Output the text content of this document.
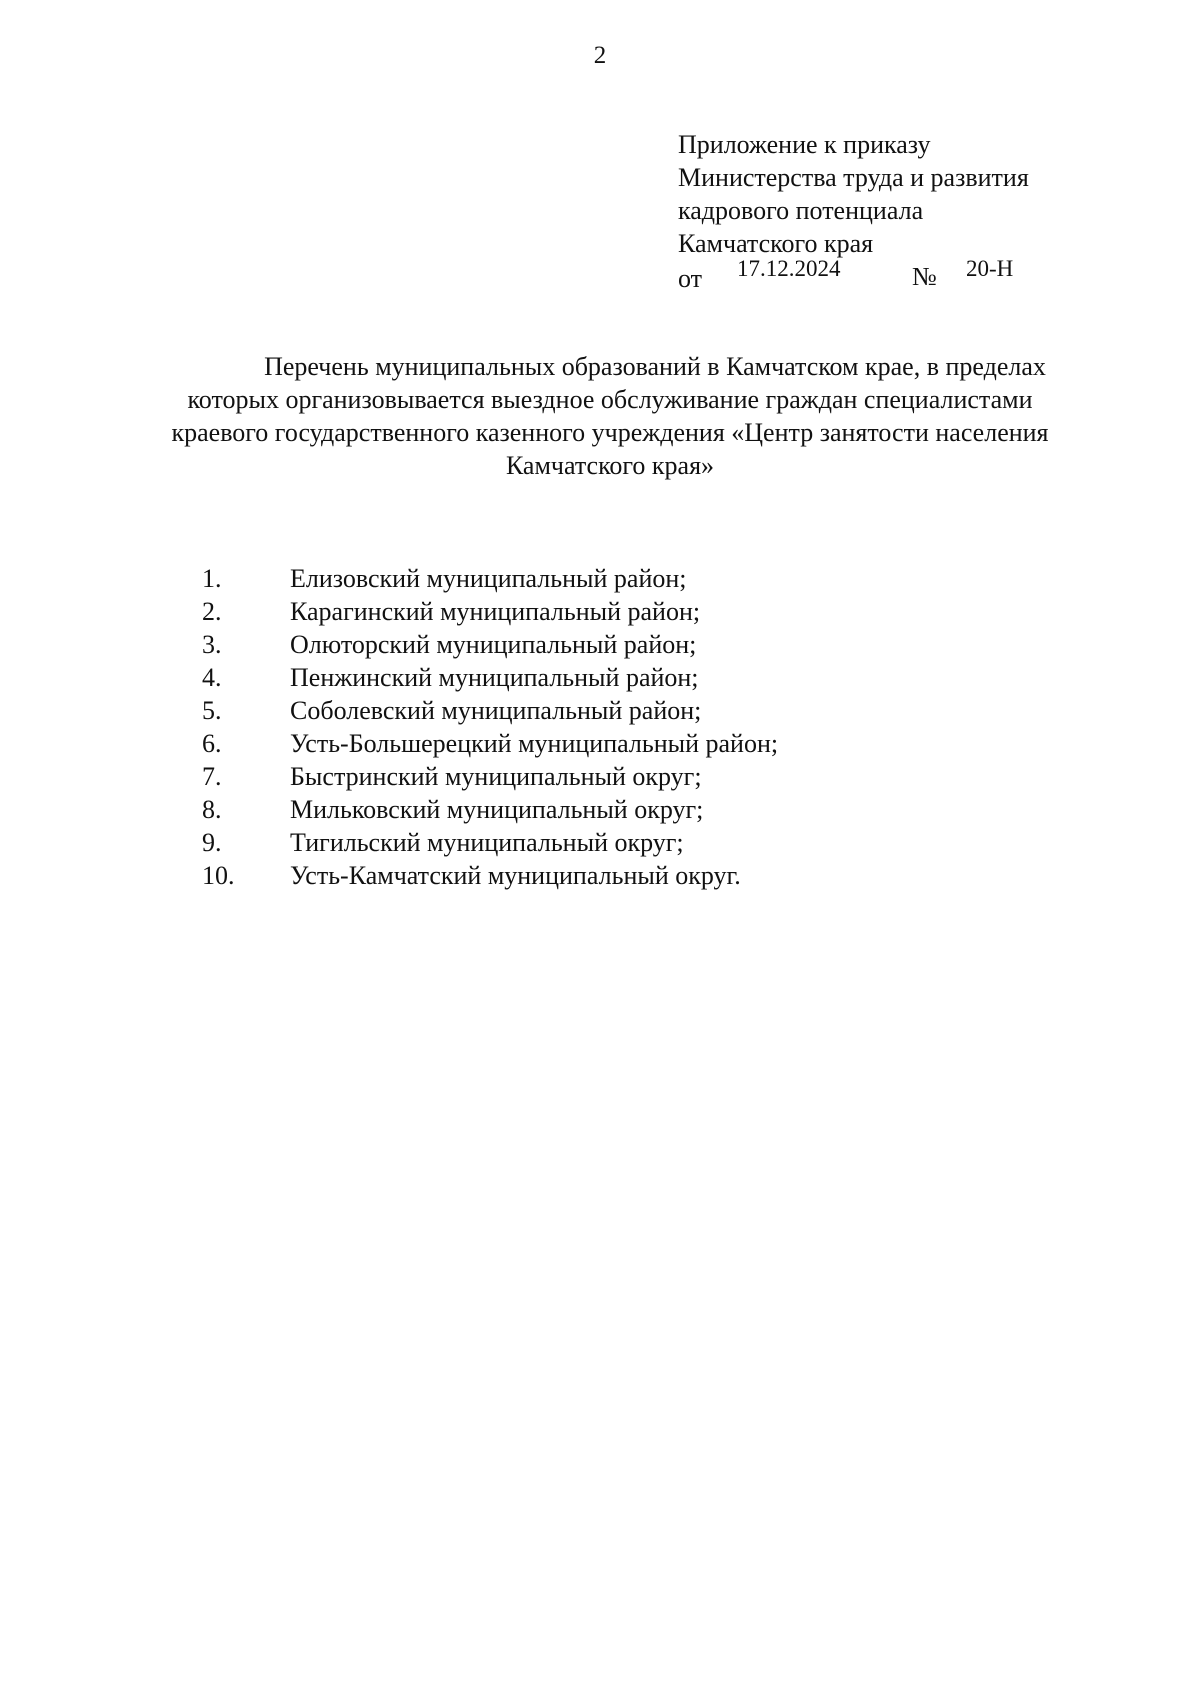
2
Приложение к приказу
Министерства труда и развития
кадрового потенциала
Камчатского края
от 17.12.2024	№ 20-Н
Перечень муниципальных образований в Камчатском крае, в пределах
которых организовывается выездное обслуживание граждан специалистами
краевого государственного казенного учреждения «Центр занятости населения
Камчатского края»
1.	Елизовский муниципальный район;
2.	Карагинский муниципальный район;
3.	Олюторский муниципальный район;
4.	Пенжинский муниципальный район;
5.	Соболевский муниципальный район;
6.	Усть-Большерецкий муниципальный район;
7.	Быстринский муниципальный округ;
8.	Мильковский муниципальный округ;
9.	Тигильский муниципальный округ;
10. Усть-Камчатский муниципальный округ.
